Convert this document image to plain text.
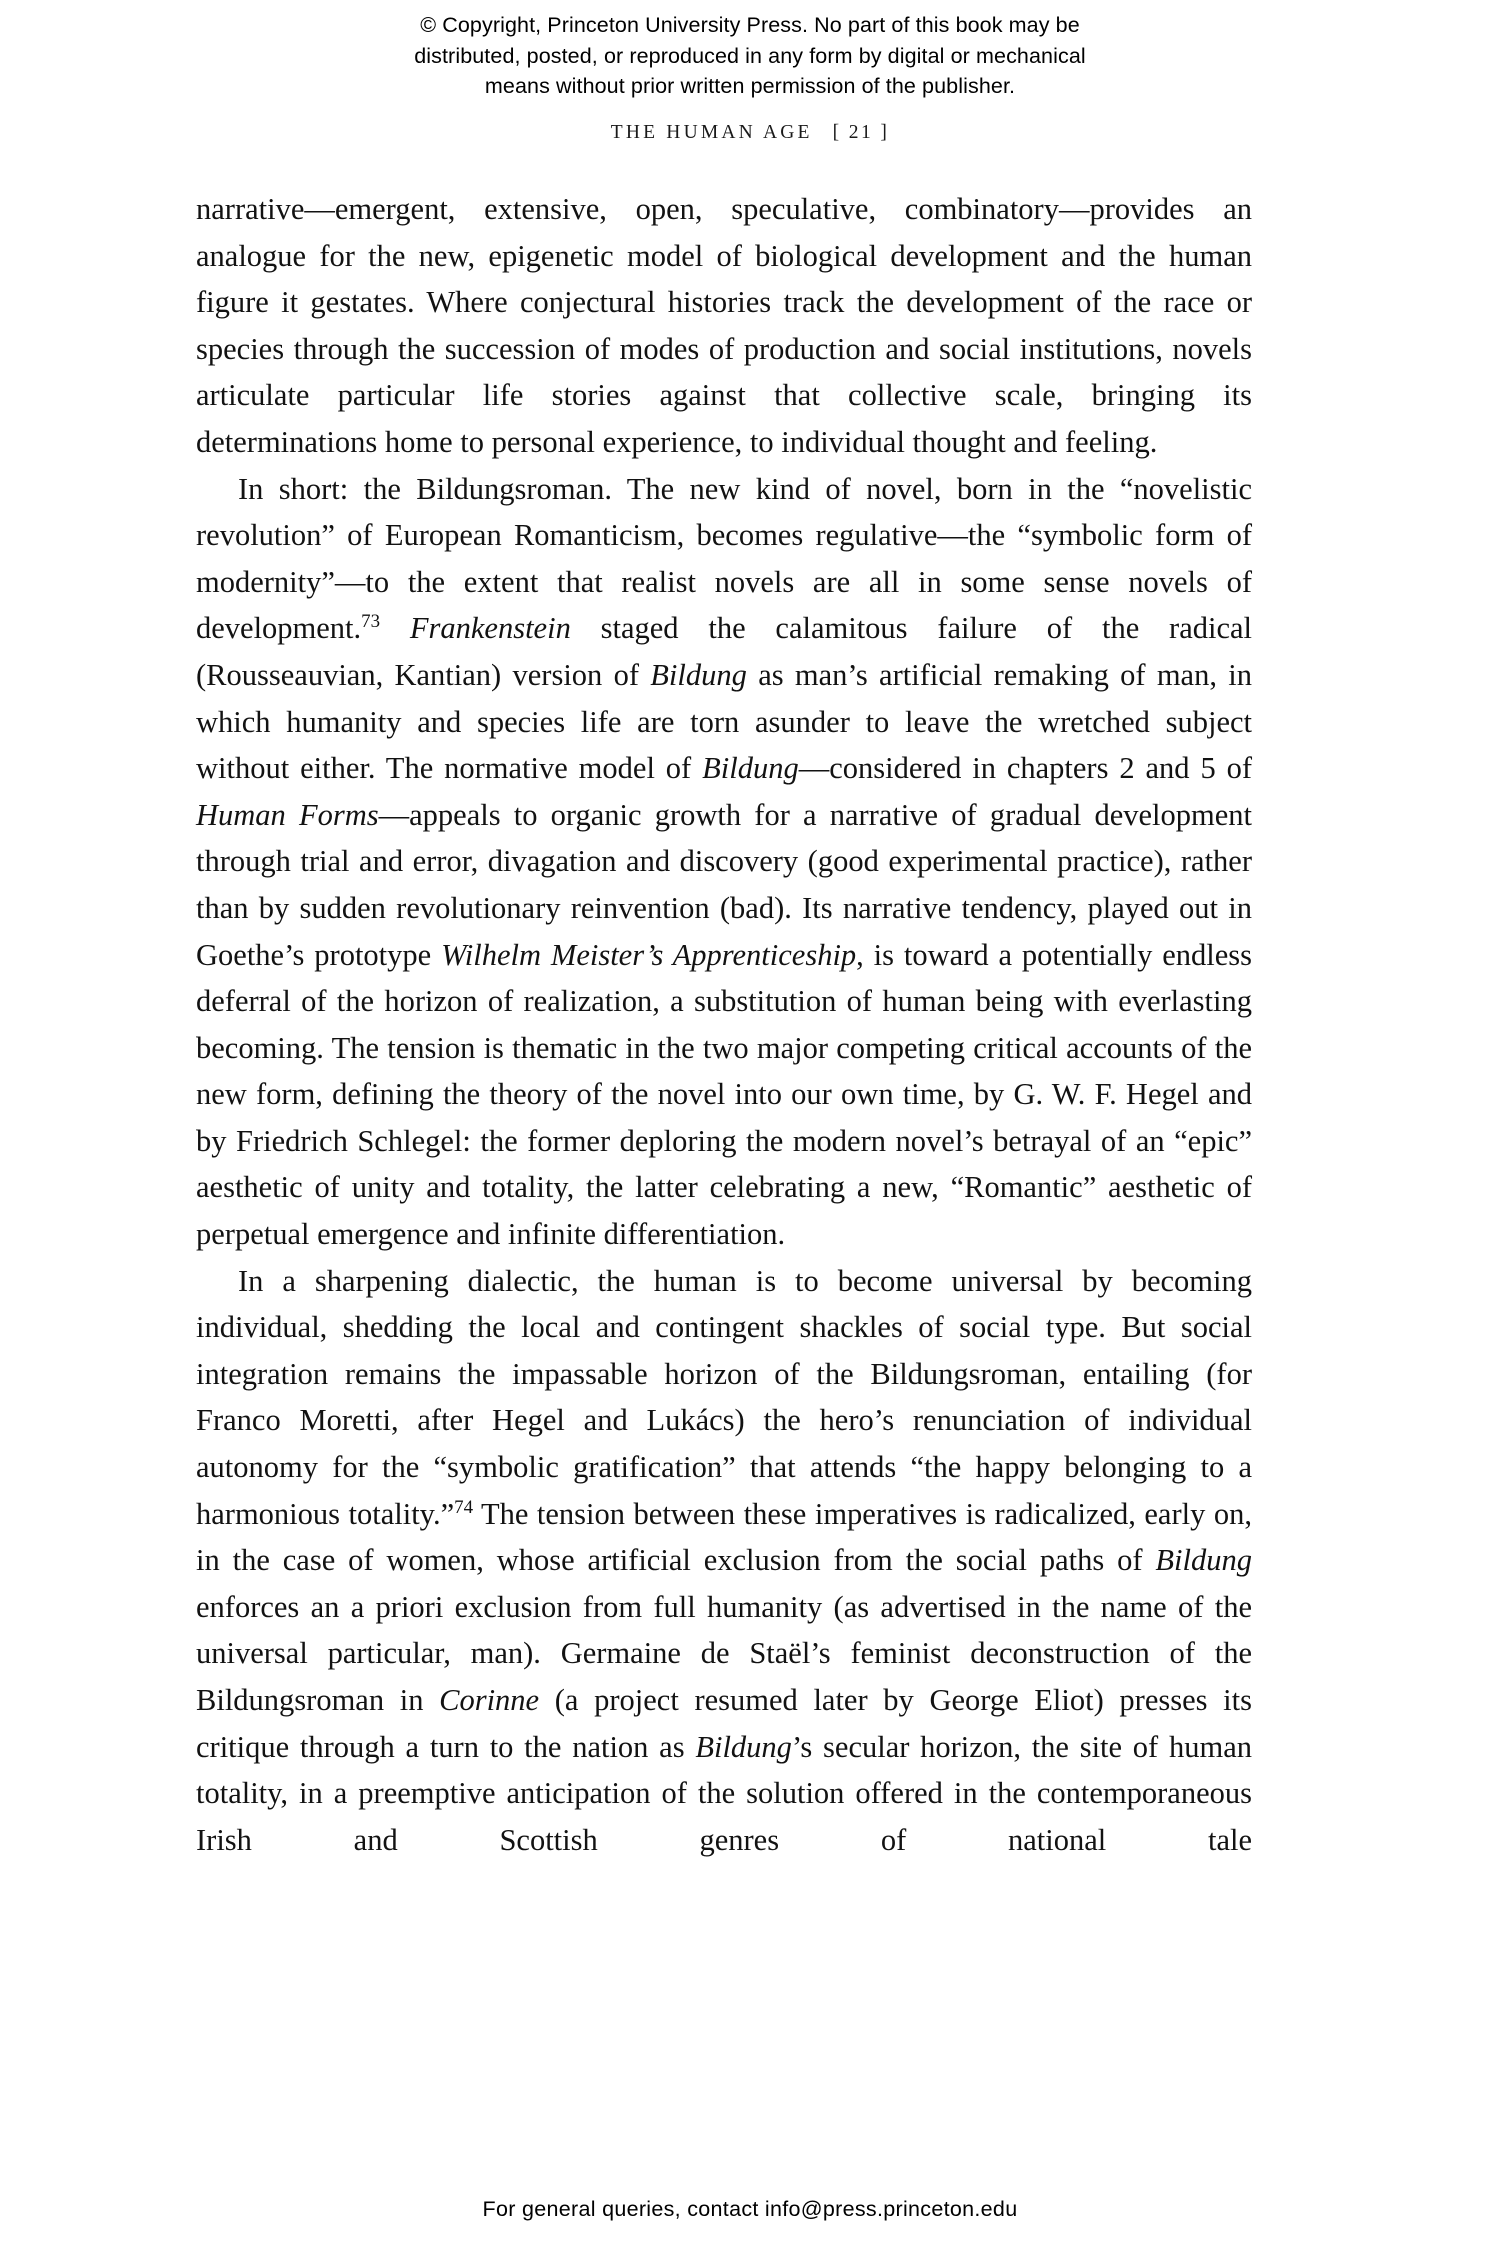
© Copyright, Princeton University Press. No part of this book may be
distributed, posted, or reproduced in any form by digital or mechanical
means without prior written permission of the publisher.
THE HUMAN AGE [ 21 ]

narrative—emergent, extensive, open, speculative, combinatory—provides an analogue for the new, epigenetic model of biological development and the human figure it gestates. Where conjectural histories track the development of the race or species through the succession of modes of production and social institutions, novels articulate particular life stories against that collective scale, bringing its determinations home to personal experience, to individual thought and feeling.

In short: the Bildungsroman. The new kind of novel, born in the “novelistic revolution” of European Romanticism, becomes regulative—the “symbolic form of modernity”—to the extent that realist novels are all in some sense novels of development.$^{73}$ Frankenstein staged the calamitous failure of the radical (Rousseauvian, Kantian) version of Bildung as man’s artificial remaking of man, in which humanity and species life are torn asunder to leave the wretched subject without either. The normative model of Bildung—considered in chapters 2 and 5 of Human Forms—appeals to organic growth for a narrative of gradual development through trial and error, divagation and discovery (good experimental practice), rather than by sudden revolutionary reinvention (bad). Its narrative tendency, played out in Goethe’s prototype Wilhelm Meister’s Apprenticeship, is toward a potentially endless deferral of the horizon of realization, a substitution of human being with everlasting becoming. The tension is thematic in the two major competing critical accounts of the new form, defining the theory of the novel into our own time, by G. W. F. Hegel and by Friedrich Schlegel: the former deploring the modern novel’s betrayal of an “epic” aesthetic of unity and totality, the latter celebrating a new, “Romantic” aesthetic of perpetual emergence and infinite differentiation.

In a sharpening dialectic, the human is to become universal by becoming individual, shedding the local and contingent shackles of social type. But social integration remains the impassable horizon of the Bildungsroman, entailing (for Franco Moretti, after Hegel and Lukács) the hero’s renunciation of individual autonomy for the “symbolic gratification” that attends “the happy belonging to a harmonious totality.”$^{74}$ The tension between these imperatives is radicalized, early on, in the case of women, whose artificial exclusion from the social paths of Bildung enforces an a priori exclusion from full humanity (as advertised in the name of the universal particular, man). Germaine de Staël’s feminist deconstruction of the Bildungsroman in Corinne (a project resumed later by George Eliot) presses its critique through a turn to the nation as Bildung’s secular horizon, the site of human totality, in a preemptive anticipation of the solution offered in the contemporaneous Irish and Scottish genres of national tale

For general queries, contact info@press.princeton.edu
